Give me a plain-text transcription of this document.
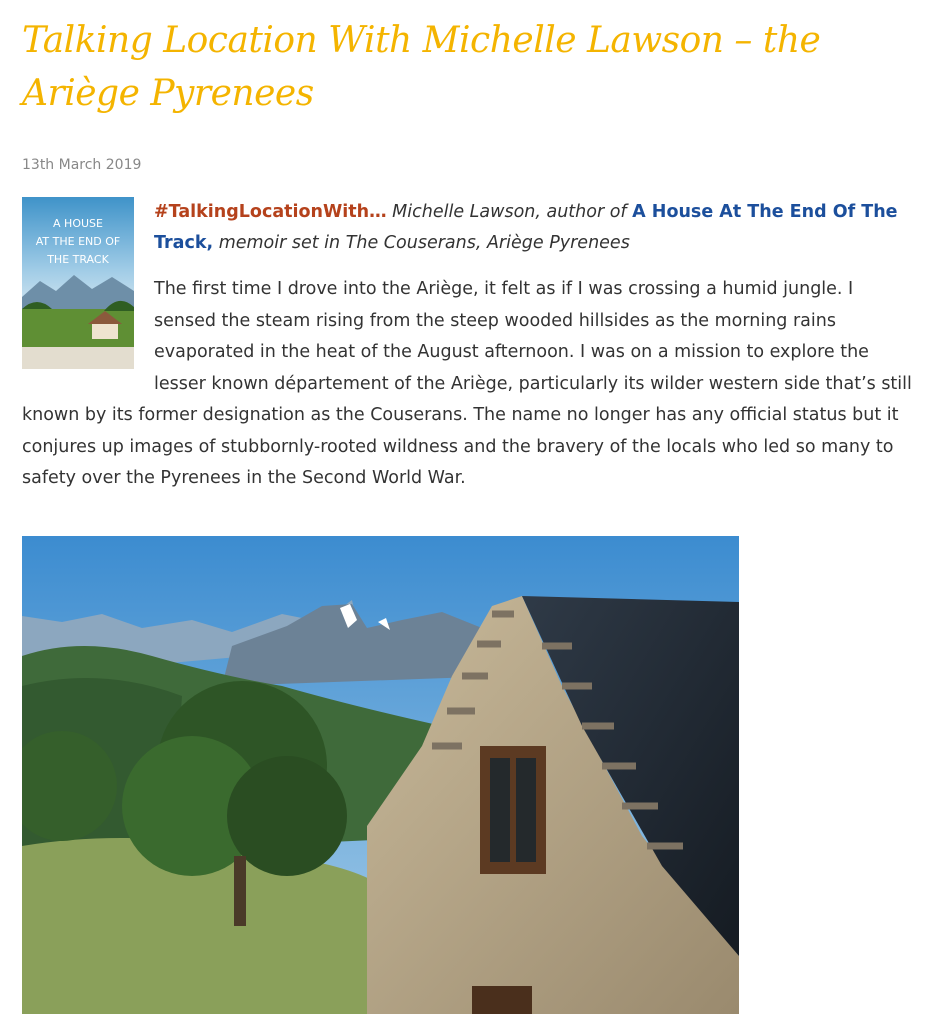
Talking Location With Michelle Lawson – the Ariège Pyrenees
13th March 2019
A HOUSE
AT THE END OF
THE TRACK
#TalkingLocationWith… Michelle Lawson, author of A House At The End Of The Track, memoir set in The Couserans, Ariège Pyrenees

The first time I drove into the Ariège, it felt as if I was crossing a humid jungle. I sensed the steam rising from the steep wooded hillsides as the morning rains evaporated in the heat of the August afternoon. I was on a mission to explore the lesser known département of the Ariège, particularly its wilder western side that’s still known by its former designation as the Couserans. The name no longer has any official status but it conjures up images of stubbornly-rooted wildness and the bravery of the locals who led so many to safety over the Pyrenees in the Second World War.
